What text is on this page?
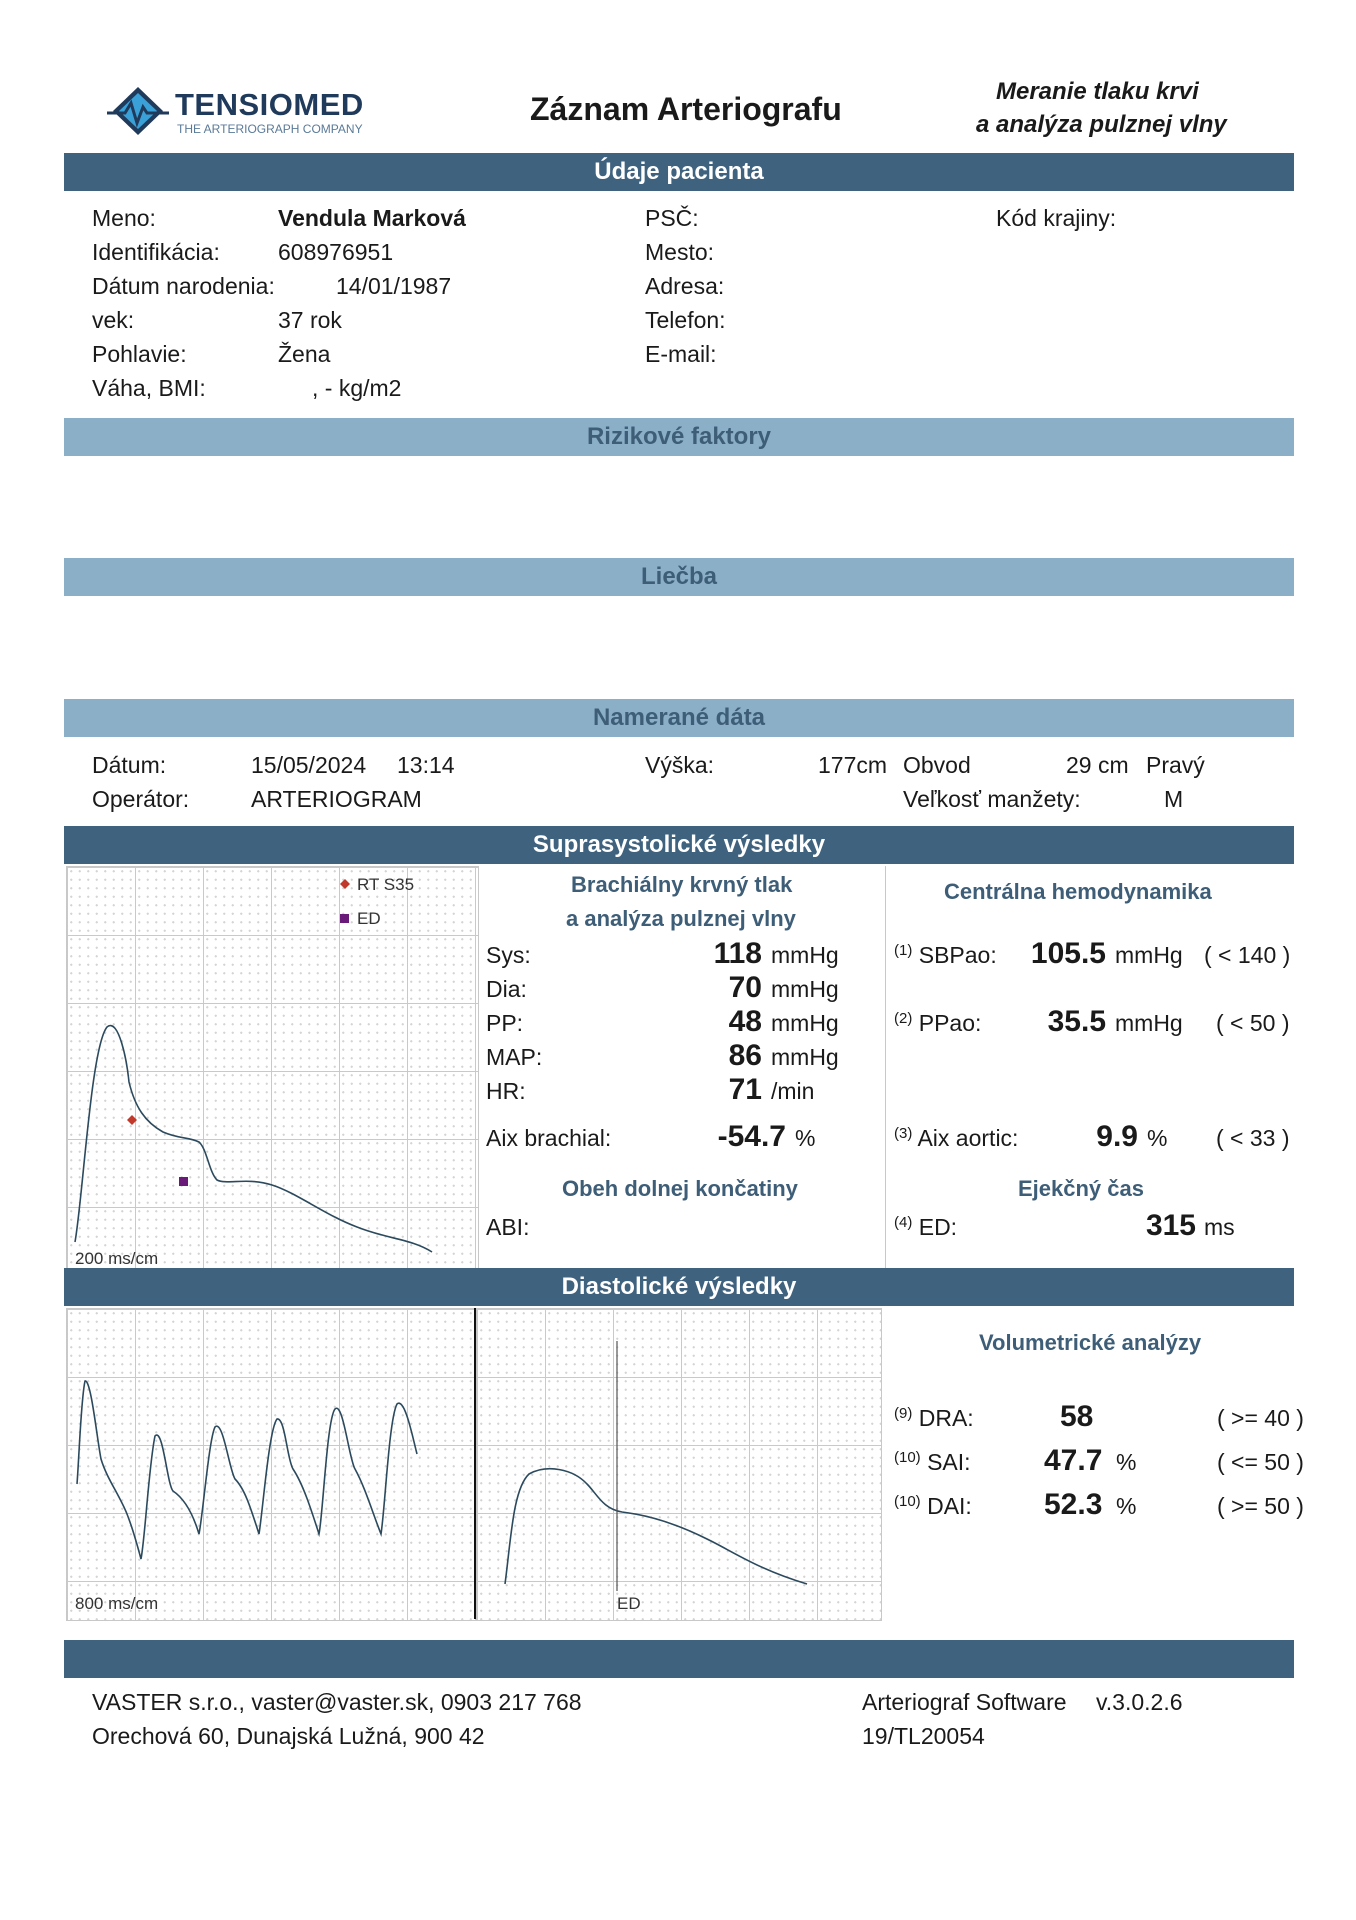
TENSIOMED
THE ARTERIOGRAPH COMPANY
Záznam Arteriografu	Meranie tlaku krvi
a analýza pulznej vlny
Údaje pacienta
Meno:	Vendula Marková
Identifikácia:	608976951
Dátum narodenia:	14/01/1987
vek:	37 rok
Pohlavie:	Žena
Váha, BMI:	, - kg/m2
PSČ:
Mesto:
Adresa:
Telefon:
E-mail:
Kód krajiny:
Rizikové faktory
Liečba
Namerané dáta
Dátum:	15/05/2024 13:14	Výška:	177cm Obvod	29 cm Pravý
Operátor:	ARTERIOGRAM	Veľkosť manžety:	M
Suprasystolické výsledky
RT S35
ED
200 ms/cm
Brachiálny krvný tlak
a analýza pulznej vlny
Sys:	118 mmHg
Dia:	70 mmHg
PP:	48 mmHg
MAP:	86 mmHg
HR:	71 /min
Aix brachial:	-54.7 %
Obeh dolnej končatiny
ABI:
Centrálna hemodynamika
$^{(1)}$ SBPao:	105.5 mmHg ( < 140 )
$^{(2)}$ PPao:	35.5 mmHg ( < 50 )
$^{(3)}$ Aix aortic:	9.9 % ( < 33 )
Ejekčný čas
$^{(4)}$ ED:	315 ms
Diastolické výsledky
800 ms/cm	ED
Volumetrické analýzy
$^{(9)}$ DRA:	58	( >= 40 )
$^{(10)}$ SAI: 47.7 %	( <= 50 )
$^{(10)}$ DAI: 52.3 %	( >= 50 )
VASTER s.r.o., vaster@vaster.sk, 0903 217 768
Orechová 60, Dunajská Lužná, 900 42
Arteriograf Software v.3.0.2.6
19/TL20054
